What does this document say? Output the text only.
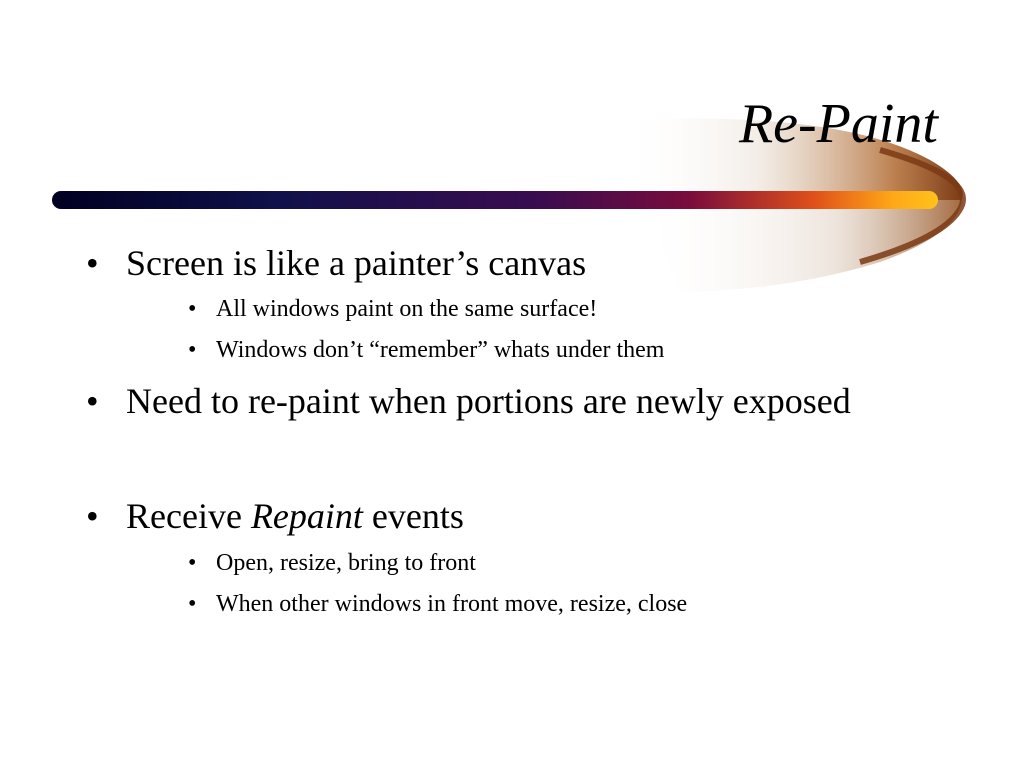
Re-Paint
• Screen is like a painter’s canvas
• All windows paint on the same surface!
• Windows don’t “remember” whats under them
• Need to re-paint when portions are newly exposed
• Receive Repaint events
• Open, resize, bring to front
• When other windows in front move, resize, close
